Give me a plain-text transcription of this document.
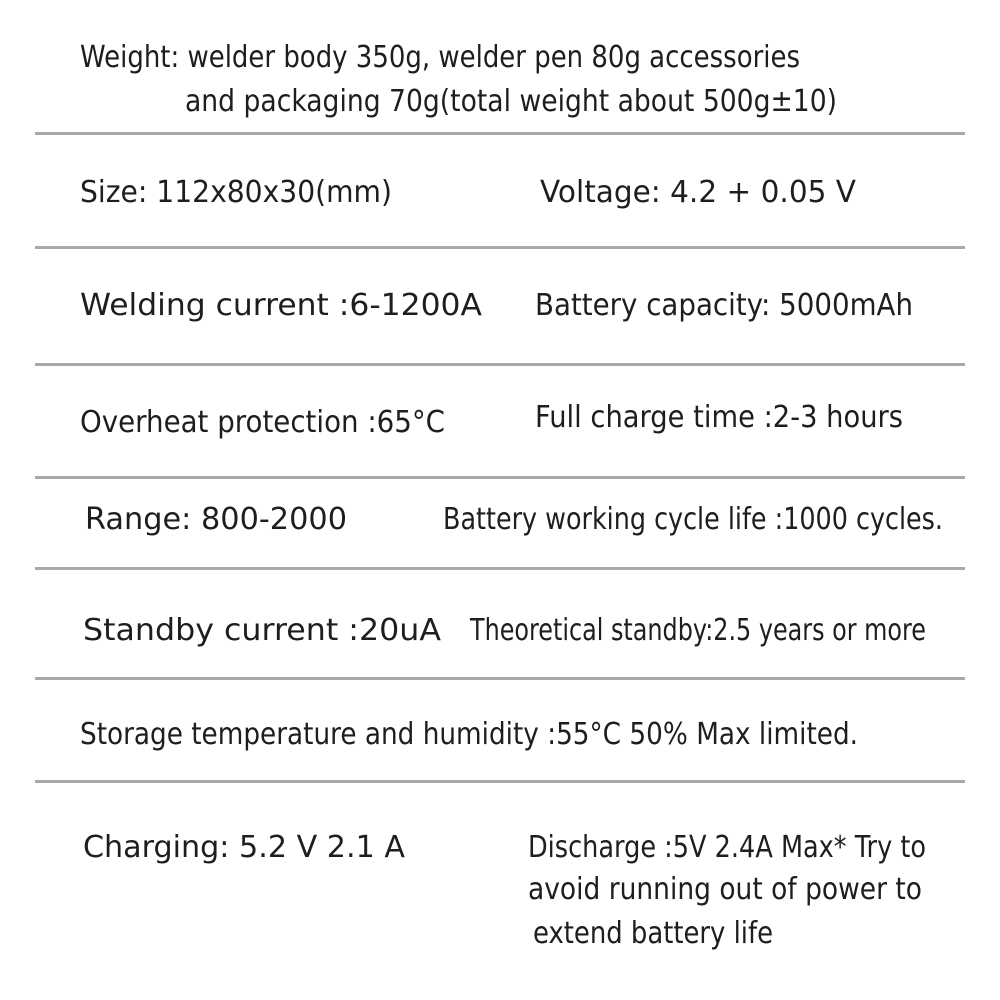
Weight: welder body 350g, welder pen 80g accessories
and packaging 70g(total weight about 500g±10)
Size: 112x80x30(mm)	Voltage: 4.2 + 0.05 V
Welding current :6-1200A Battery capacity: 5000mAh
Overheat protection :65°C	Full charge time :2-3 hours
Range: 800-2000	Battery working cycle life :1000 cycles.
Standby current :20uA Theoretical standby:2.5 years or more
Storage temperature and humidity :55°C 50% Max limited.
Charging: 5.2 V 2.1 A	Discharge :5V 2.4A Max* Try to
avoid running out of power to
extend battery life
